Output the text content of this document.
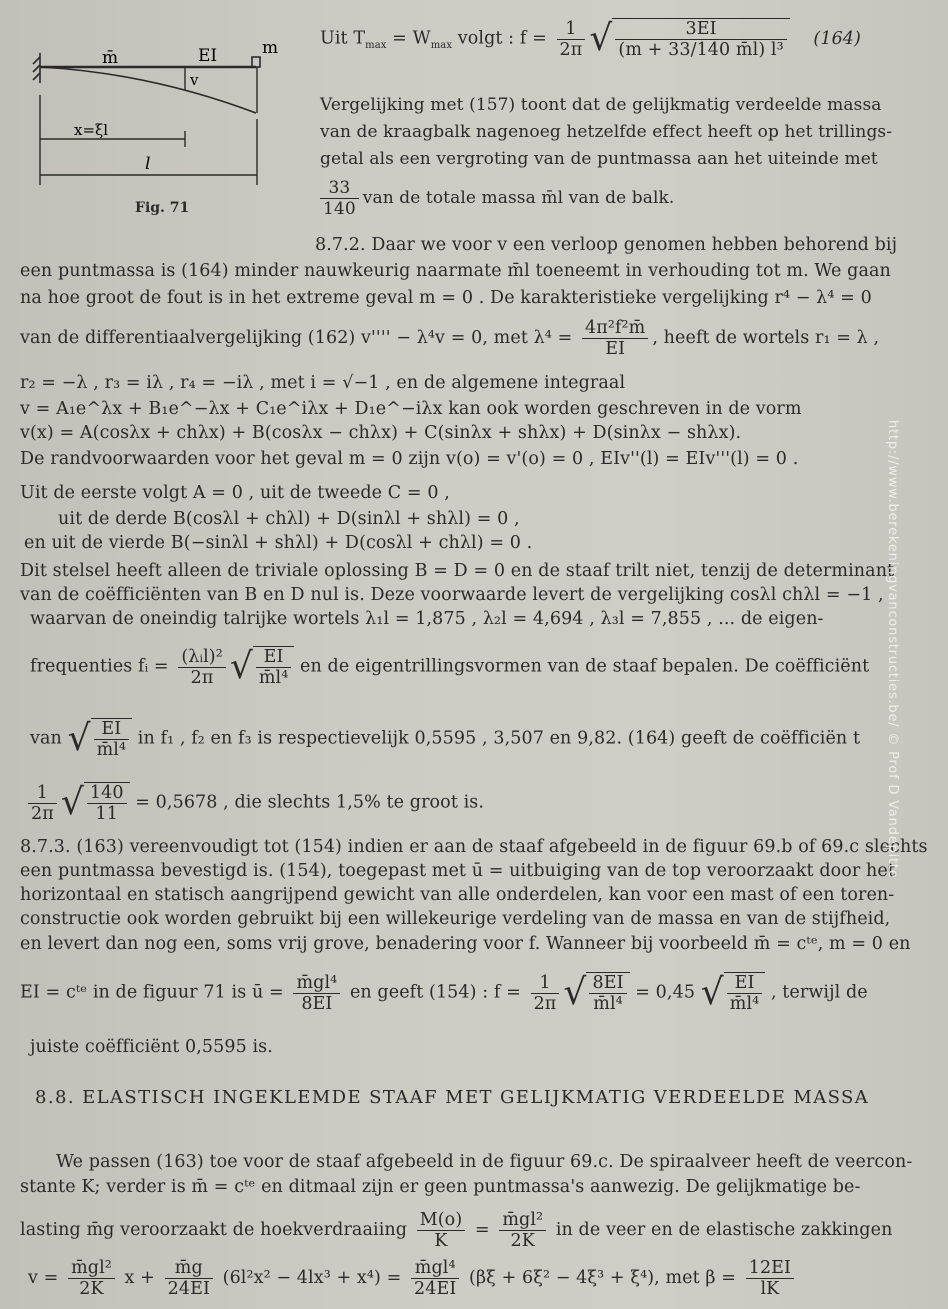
m̄	EI	m
v
x=ξl
l
Fig. 71
Uit $T_{max} = W_{max}$ volgt : $f = \frac{1}{2\pi}$ √ $\frac{3EI}{\text{(m + 33/140 m̄l) l³}} (164)$
Vergelijking met (157) toont dat de gelijkmatig verdeelde massa
van de kraagbalk nagenoeg hetzelfde effect heeft op het trillings-
getal als een vergroting van de puntmassa aan het uiteinde met
$\frac{33}{140}$ van de totale massa m̄l van de balk.
8.7.2. Daar we voor v een verloop genomen hebben behorend bij
een puntmassa is (164) minder nauwkeurig naarmate m̄l toeneemt in verhouding tot m. We gaan
na hoe groot de fout is in het extreme geval m = 0 . De karakteristieke vergelijking r⁴ − λ⁴ = 0
van de differentiaalvergelijking (162) v'''' − λ⁴v = 0, met $\lambda^4 = \frac{\text{4π²f²m̄}}{EI}$ , heeft de wortels r₁ = λ ,
r₂ = −λ , r₃ = iλ , r₄ = −iλ , met i = √−1 , en de algemene integraal
v = A₁e^λx + B₁e^−λx + C₁e^iλx + D₁e^−iλx kan ook worden geschreven in de vorm
v(x) = A(cosλx + chλx) + B(cosλx − chλx) + C(sinλx + shλx) + D(sinλx − shλx).
De randvoorwaarden voor het geval m = 0 zijn v(o) = v'(o) = 0 , EIv''(l) = EIv'''(l) = 0 .
Uit de eerste volgt A = 0 , uit de tweede C = 0 ,
uit de derde B(cosλl + chλl) + D(sinλl + shλl) = 0 ,
en uit de vierde B(−sinλl + shλl) + D(cosλl + chλl) = 0 .
Dit stelsel heeft alleen de triviale oplossing B = D = 0 en de staaf trilt niet, tenzij de determinant
van de coëfficiënten van B en D nul is. Deze voorwaarde levert de vergelijking cosλl chλl = −1 ,
waarvan de oneindig talrijke wortels λ₁l = 1,875 , λ₂l = 4,694 , λ₃l = 7,855 , ... de eigen-
frequenties fᵢ = (λᵢl)²
2π √ $\frac{EI}{\text{m̄l⁴}}$ en de eigentrillingsvormen van de staaf bepalen. De coëfficiënt
van √ $\frac{EI}{\text{m̄l⁴}}$ in f₁ , f₂ en f₃ is respectievelijk 0,5595 , 3,507 en 9,82. (164) geeft de coëfficiën t
$\frac{1}{2\pi}$ √ $\frac{140}{11} = 0,5678$ , die slechts 1,5% te groot is.
8.7.3. (163) vereenvoudigt tot (154) indien er aan de staaf afgebeeld in de figuur 69.b of 69.c slechts
een puntmassa bevestigd is. (154), toegepast met ū = uitbuiging van de top veroorzaakt door het
horizontaal en statisch aangrijpend gewicht van alle onderdelen, kan voor een mast of een toren-
constructie ook worden gebruikt bij een willekeurige verdeling van de massa en van de stijfheid,
en levert dan nog een, soms vrij grove, benadering voor f. Wanneer bij voorbeeld m̄ = cᵗᵉ, m = 0 en
EI = cᵗᵉ in de figuur 71 is ū = $\frac{\text{m̄gl⁴}}{8EI}$ en geeft (154) : $f = \frac{1}{2\pi}$ √ $\frac{8EI}{\text{m̄l⁴}} = 0,45$ √ $\frac{EI}{\text{m̄l⁴}}$ , terwijl de
juiste coëfficiënt 0,5595 is.
8.8. ELASTISCH INGEKLEMDE STAAF MET GELIJKMATIG VERDEELDE MASSA
We passen (163) toe voor de staaf afgebeeld in de figuur 69.c. De spiraalveer heeft de veercon-
stante K; verder is m̄ = cᵗᵉ en ditmaal zijn er geen puntmassa's aanwezig. De gelijkmatige be-
lasting m̄g veroorzaakt de hoekverdraaiing $\frac{M(o)}{K} = \frac{\text{m̄gl²}}{2K}$ in de veer en de elastische zakkingen
$v = \frac{\text{m̄gl²}}{2K}$ $x + \frac{m̄g}{24EI} (6l^2x^2 - 4lx^3 + x^4) = \frac{\text{m̄gl⁴}}{24EI} (\beta\xi + 6\xi^2 - 4\xi^3 + \xi^4)$, met $\beta = \frac{12EI}{lK}$
http://www.berekeningvanconstructies.be/ © Prof D Vandepitte
